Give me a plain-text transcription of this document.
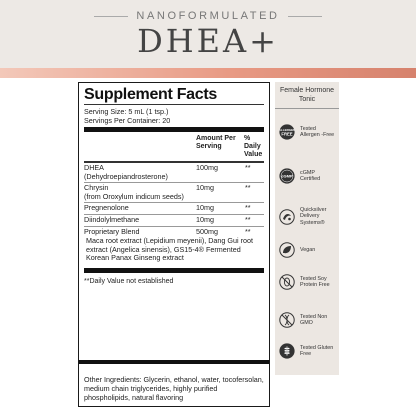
NANOFORMULATED
DHEA+
Supplement Facts
Serving Size: 5 mL (1 tsp.)
Servings Per Container: 20
Amount Per Serving
% Daily Value
DHEA
(Dehydroepiandrosterone)
100mg	**
Chrysin
(from Oroxylum indicum seeds)
10mg	**
Pregnenolone	10mg	**
Diindolylmethane	10mg	**
Proprietary Blend	500mg	**
Maca root extract (Lepidium meyenii), Dang Gui root extract (Angelica sinensis), GS15-4® Fermented Korean Panax Ginseng extract
**Daily Value not established
Other Ingredients: Glycerin, ethanol, water, tocofersolan, medium chain triglycerides, highly purified phospholipids, natural flavoring
Female Hormone Tonic
ALLERGEN
FREE
Tested Allergen -Free
cGMP
cGMP Certified
Quicksilver Delivery Systems®
Vegan
Tested Soy Protein Free
Tested Non GMO
Tested Gluten Free
